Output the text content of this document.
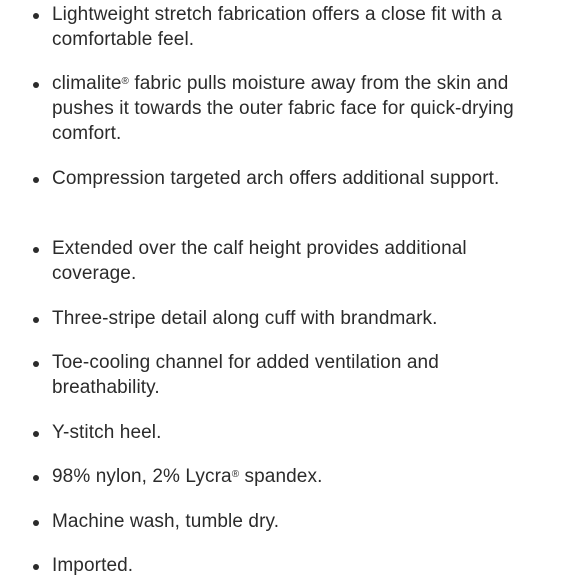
Lightweight stretch fabrication offers a close fit with a comfortable feel.
climalite® fabric pulls moisture away from the skin and pushes it towards the outer fabric face for quick-drying comfort.
Compression targeted arch offers additional support.
Extended over the calf height provides additional coverage.
Three-stripe detail along cuff with brandmark.
Toe-cooling channel for added ventilation and breathability.
Y-stitch heel.
98% nylon, 2% Lycra® spandex.
Machine wash, tumble dry.
Imported.
